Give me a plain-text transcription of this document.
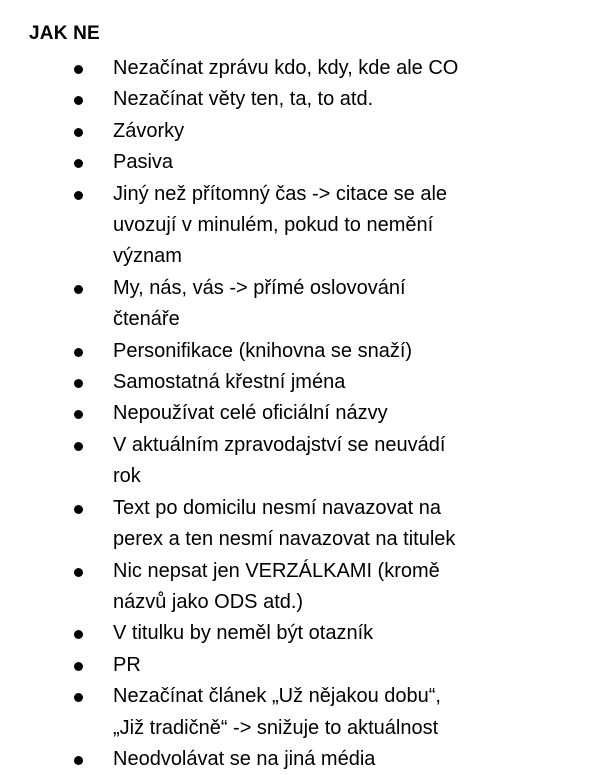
JAK NE
Nezačínat zprávu kdo, kdy, kde ale CO
Nezačínat věty ten, ta, to atd.
Závorky
Pasiva
Jiný než přítomný čas -> citace se ale
uvozují v minulém, pokud to nemění
význam
My, nás, vás -> přímé oslovování
čtenáře
Personifikace (knihovna se snaží)
Samostatná křestní jména
Nepoužívat celé oficiální názvy
V aktuálním zpravodajství se neuvádí
rok
Text po domicilu nesmí navazovat na
perex a ten nesmí navazovat na titulek
Nic nepsat jen VERZÁLKAMI (kromě
názvů jako ODS atd.)
V titulku by neměl být otazník
PR
Nezačínat článek „Už nějakou dobu“,
„Již tradičně“ -> snižuje to aktuálnost
Neodvolávat se na jiná média
